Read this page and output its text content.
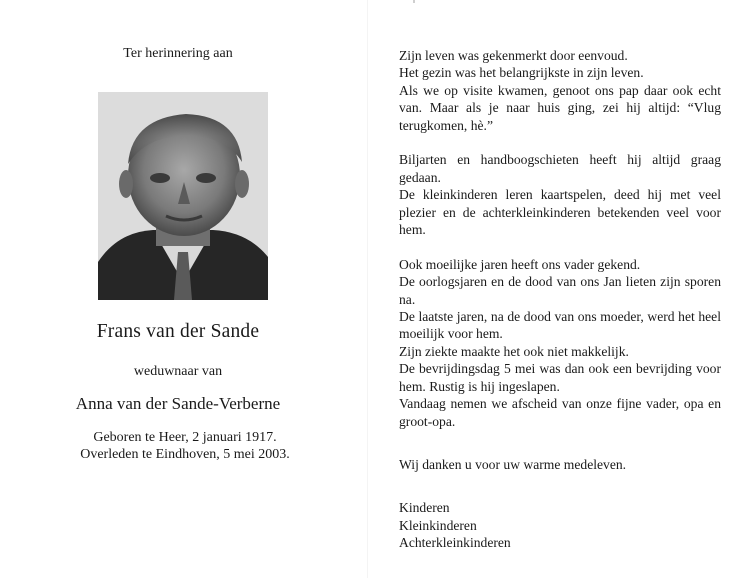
Ter herinnering aan
Frans van der Sande
weduwnaar van
Anna van der Sande-Verberne
Geboren te Heer, 2 januari 1917.
Overleden te Eindhoven, 5 mei 2003.

Zijn leven was gekenmerkt door eenvoud.

Het gezin was het belangrijkste in zijn leven.

Als we op visite kwamen, genoot ons pap daar ook echt van. Maar als je naar huis ging, zei hij altijd: “Vlug terugkomen, hè.”

Biljarten en handboogschieten heeft hij altijd graag gedaan.

De kleinkinderen leren kaartspelen, deed hij met veel plezier en de achterkleinkinderen betekenden veel voor hem.

Ook moeilijke jaren heeft ons vader gekend.

De oorlogsjaren en de dood van ons Jan lieten zijn sporen na.

De laatste jaren, na de dood van ons moeder, werd het heel moeilijk voor hem.

Zijn ziekte maakte het ook niet makkelijk.

De bevrijdingsdag 5 mei was dan ook een bevrijding voor hem. Rustig is hij ingeslapen.

Vandaag nemen we afscheid van onze fijne vader, opa en groot-opa.

Wij danken u voor uw warme medeleven.

Kinderen
Kleinkinderen
Achterkleinkinderen
